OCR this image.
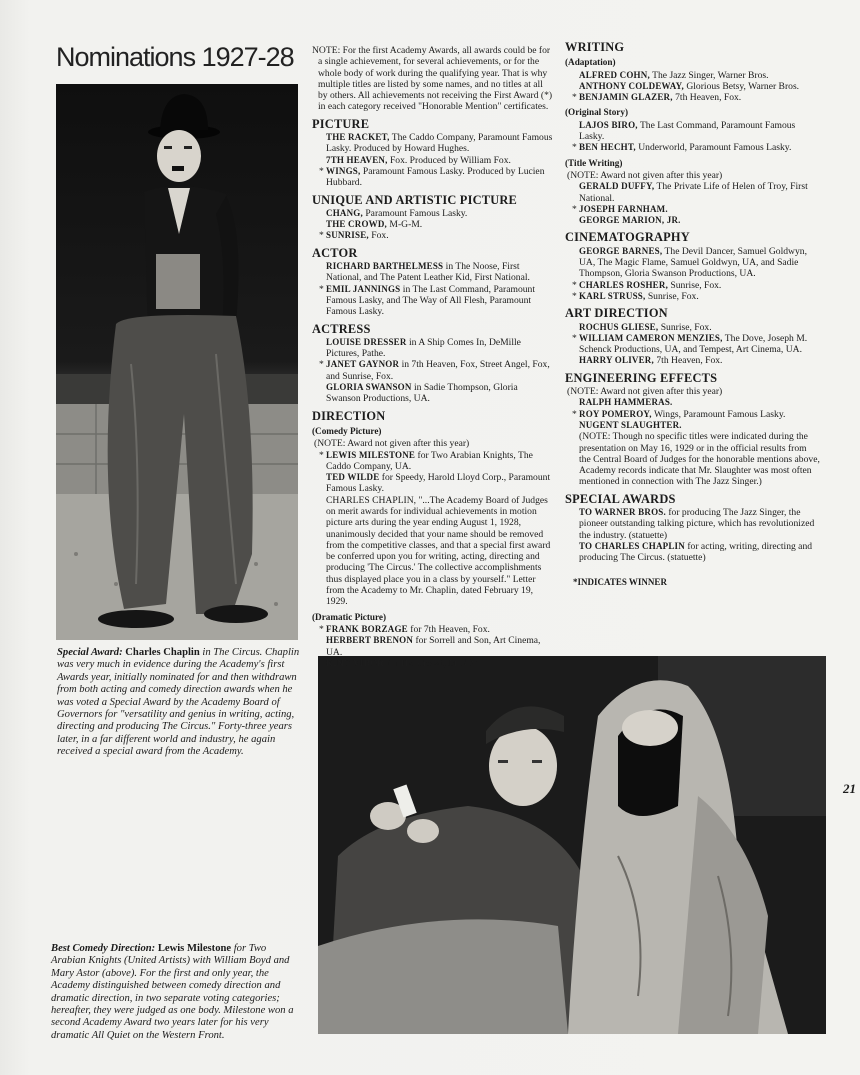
Nominations 1927-28
Special Award: Charles Chaplin in The Circus. Chaplin was very much in evidence during the Academy's first Awards year, initially nominated for and then withdrawn from both acting and comedy direction awards when he was voted a Special Award by the Academy Board of Governors for "versatility and genius in writing, acting, directing and producing The Circus." Forty-three years later, in a far different world and industry, he again received a special award from the Academy.
Best Comedy Direction: Lewis Milestone for Two Arabian Knights (United Artists) with William Boyd and Mary Astor (above). For the first and only year, the Academy distinguished between comedy direction and dramatic direction, in two separate voting categories; hereafter, they were judged as one body. Milestone won a second Academy Award two years later for his very dramatic All Quiet on the Western Front.
21

NOTE: For the first Academy Awards, all awards could be for a single achievement, for several achievements, or for the whole body of work during the qualifying year. That is why multiple titles are listed by some names, and no titles at all by others. All achievements not receiving the First Award (*) in each category received "Honorable Mention" certificates.

PICTURE

THE RACKET, The Caddo Company, Paramount Famous Lasky. Produced by Howard Hughes.

7TH HEAVEN, Fox. Produced by William Fox.

* WINGS, Paramount Famous Lasky. Produced by Lucien Hubbard.

UNIQUE AND ARTISTIC PICTURE

CHANG, Paramount Famous Lasky.

THE CROWD, M-G-M.

* SUNRISE, Fox.

ACTOR

RICHARD BARTHELMESS in The Noose, First National, and The Patent Leather Kid, First National.

* EMIL JANNINGS in The Last Command, Paramount Famous Lasky, and The Way of All Flesh, Paramount Famous Lasky.

ACTRESS

LOUISE DRESSER in A Ship Comes In, DeMille Pictures, Pathe.

* JANET GAYNOR in 7th Heaven, Fox, Street Angel, Fox, and Sunrise, Fox.

GLORIA SWANSON in Sadie Thompson, Gloria Swanson Productions, UA.

DIRECTION
(Comedy Picture)
(NOTE: Award not given after this year)

* LEWIS MILESTONE for Two Arabian Knights, The Caddo Company, UA.

TED WILDE for Speedy, Harold Lloyd Corp., Paramount Famous Lasky.

CHARLES CHAPLIN, "...The Academy Board of Judges on merit awards for individual achievements in motion picture arts during the year ending August 1, 1928, unanimously decided that your name should be removed from the competitive classes, and that a special first award be conferred upon you for writing, acting, directing and producing 'The Circus.' The collective accomplishments thus displayed place you in a class by yourself." Letter from the Academy to Mr. Chaplin, dated February 19, 1929.

(Dramatic Picture)

* FRANK BORZAGE for 7th Heaven, Fox.

HERBERT BRENON for Sorrell and Son, Art Cinema, UA.

KING VIDOR for The Crowd, M-G-M.

WRITING
(Adaptation)

ALFRED COHN, The Jazz Singer, Warner Bros.

ANTHONY COLDEWAY, Glorious Betsy, Warner Bros.

* BENJAMIN GLAZER, 7th Heaven, Fox.

(Original Story)

LAJOS BIRO, The Last Command, Paramount Famous Lasky.

* BEN HECHT, Underworld, Paramount Famous Lasky.

(Title Writing)
(NOTE: Award not given after this year)

GERALD DUFFY, The Private Life of Helen of Troy, First National.

* JOSEPH FARNHAM.

GEORGE MARION, JR.

CINEMATOGRAPHY

GEORGE BARNES, The Devil Dancer, Samuel Goldwyn, UA, The Magic Flame, Samuel Goldwyn, UA, and Sadie Thompson, Gloria Swanson Productions, UA.

* CHARLES ROSHER, Sunrise, Fox.

* KARL STRUSS, Sunrise, Fox.

ART DIRECTION

ROCHUS GLIESE, Sunrise, Fox.

* WILLIAM CAMERON MENZIES, The Dove, Joseph M. Schenck Productions, UA, and Tempest, Art Cinema, UA.

HARRY OLIVER, 7th Heaven, Fox.

ENGINEERING EFFECTS
(NOTE: Award not given after this year)

RALPH HAMMERAS.

* ROY POMEROY, Wings, Paramount Famous Lasky.

NUGENT SLAUGHTER.

(NOTE: Though no specific titles were indicated during the presentation on May 16, 1929 or in the official results from the Central Board of Judges for the honorable mentions above, Academy records indicate that Mr. Slaughter was most often mentioned in connection with The Jazz Singer.)

SPECIAL AWARDS

TO WARNER BROS. for producing The Jazz Singer, the pioneer outstanding talking picture, which has revolutionized the industry. (statuette)

TO CHARLES CHAPLIN for acting, writing, directing and producing The Circus. (statuette)

*INDICATES WINNER
